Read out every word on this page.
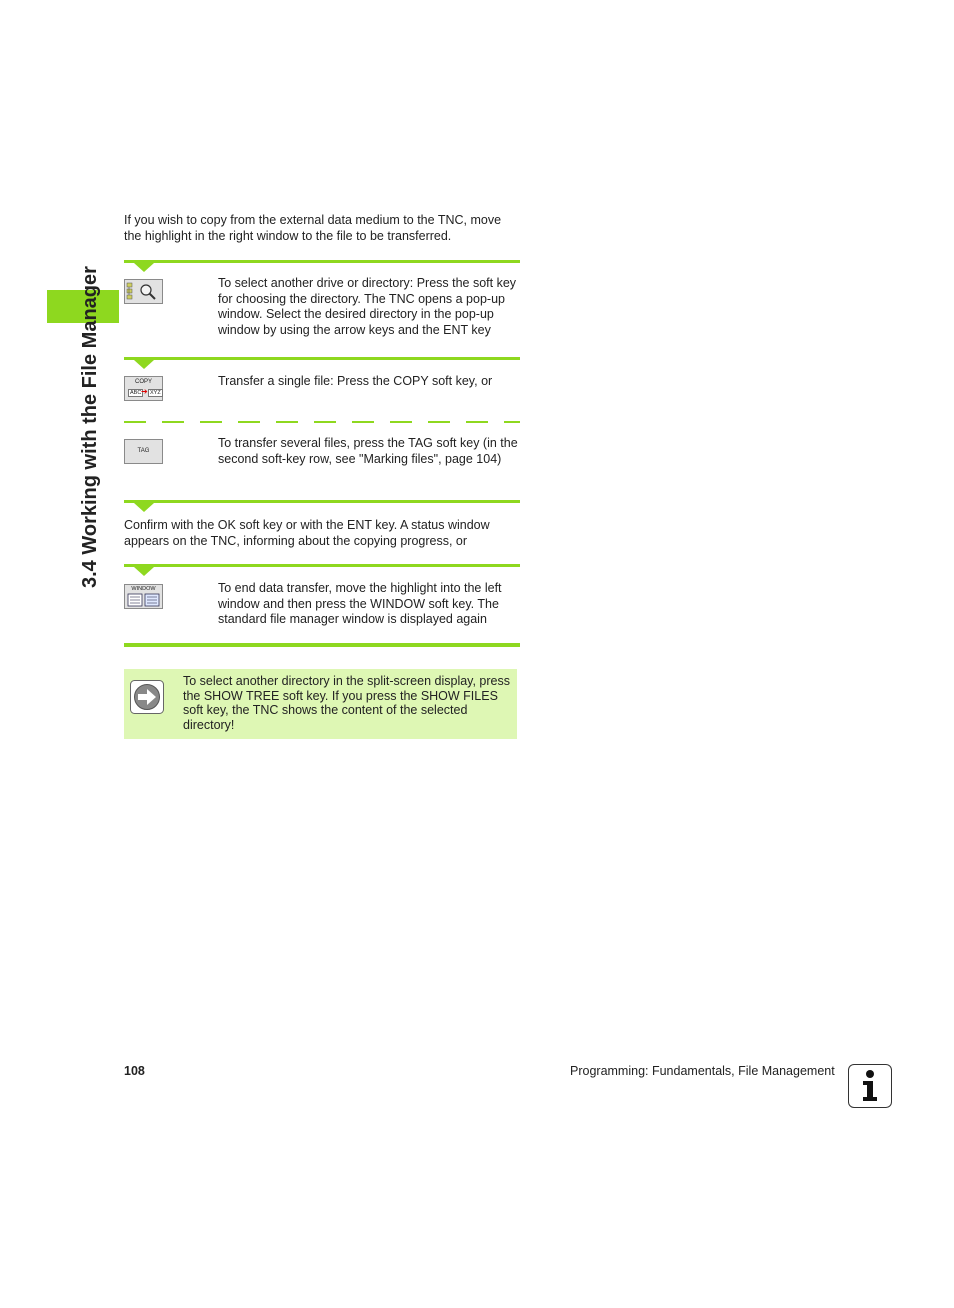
3.4 Working with the File Manager
If you wish to copy from the external data medium to the TNC, move the highlight in the right window to the file to be transferred.
To select another drive or directory: Press the soft key for choosing the directory. The TNC opens a pop-up window. Select the desired directory in the pop-up window by using the arrow keys and the ENT key
COPY
ABC ➔ XYZ
Transfer a single file: Press the COPY soft key, or
TAG
To transfer several files, press the TAG soft key (in the second soft-key row, see "Marking files", page 104)
Confirm with the OK soft key or with the ENT key. A status window appears on the TNC, informing about the copying progress, or
WINDOW	To end data transfer, move the highlight into the left window and then press the WINDOW soft key. The standard file manager window is displayed again
To select another directory in the split-screen display, press the SHOW TREE soft key. If you press the SHOW FILES soft key, the TNC shows the content of the selected directory!
108	Programming: Fundamentals, File Management
